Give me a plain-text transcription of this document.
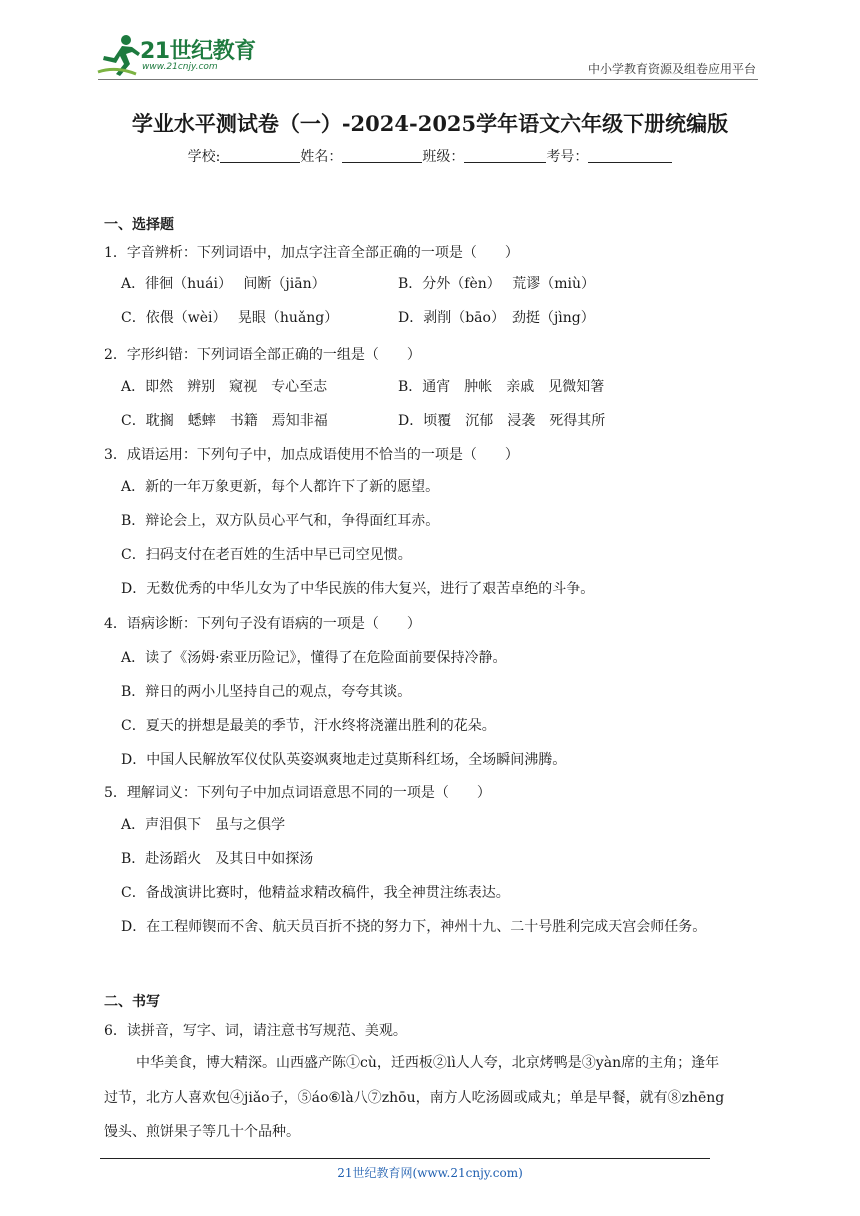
21世纪教育
www.21cnjy.com	中小学教育资源及组卷应用平台
学业水平测试卷（一）-2024-2025学年语文六年级下册统编版
学校:	姓名：	班级：	考号：
一、选择题
1．字音辨析：下列词语中，加点字注音全部正确的一项是（　　）
A．徘徊（huái）　 间断（jiān）	B．分外（fèn）　 荒谬（miù）
C．依偎（wèi）　 晃眼（huǎng）	D．剥削（bāo）　劲挺（jìng）
2．字形纠错：下列词语全部正确的一组是（　　）
A．即然　辨别　窥视　专心至志	B．通宵　肿帐　亲戚　见微知箸
C．耽搁　蟋蟀　书籍　焉知非福	D．顷覆　沉郁　浸袭　死得其所
3．成语运用：下列句子中，加点成语使用不恰当的一项是（　　）
A．新的一年万象更新，每个人都许下了新的愿望。
B．辩论会上，双方队员心平气和，争得面红耳赤。
C．扫码支付在老百姓的生活中早已司空见惯。
D．无数优秀的中华儿女为了中华民族的伟大复兴，进行了艰苦卓绝的斗争。
4．语病诊断：下列句子没有语病的一项是（　　）
A．读了《汤姆·索亚历险记》，懂得了在危险面前要保持冷静。
B．辩日的两小儿坚持自己的观点，夸夸其谈。
C．夏天的拼想是最美的季节，汗水终将浇灌出胜利的花朵。
D．中国人民解放军仪仗队英姿飒爽地走过莫斯科红场，全场瞬间沸腾。
5．理解词义：下列句子中加点词语意思不同的一项是（　　）
A．声泪俱下　虽与之俱学
B．赴汤蹈火　及其日中如探汤
C．备战演讲比赛时，他精益求精改稿件，我全神贯注练表达。
D．在工程师锲而不舍、航天员百折不挠的努力下，神州十九、二十号胜利完成天宫会师任务。
二、书写
6．读拼音，写字、词，请注意书写规范、美观。
中华美食，博大精深。山西盛产陈①cù，迁西板②lì人人夸，北京烤鸭是③yàn席的主角；逢年
过节，北方人喜欢包④jiǎo子，⑤áo⑥là八⑦zhōu，南方人吃汤圆或咸丸；单是早餐，就有⑧zhēng
馒头、煎饼果子等几十个品种。
21世纪教育网(www.21cnjy.com)
